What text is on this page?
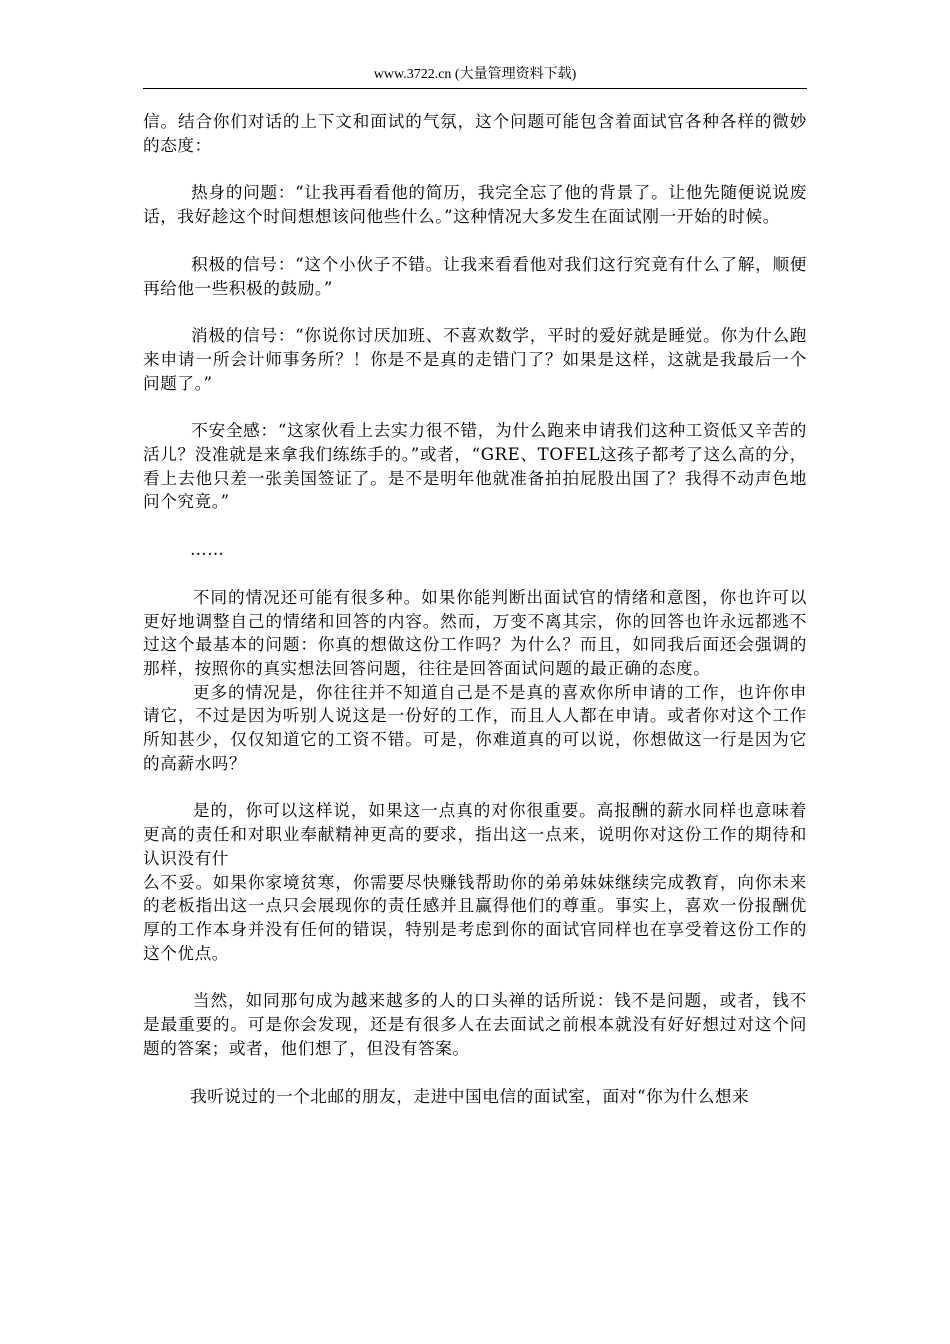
www.3722.cn (大量管理资料下载)

信。结合你们对话的上下文和面试的气氛，这个问题可能包含着面试官各种各样的微妙的态度：

热身的问题：“让我再看看他的简历，我完全忘了他的背景了。让他先随便说说废话，我好趁这个时间想想该问他些什么。”这种情况大多发生在面试刚一开始的时候。

积极的信号：“这个小伙子不错。让我来看看他对我们这行究竟有什么了解，顺便再给他一些积极的鼓励。”

消极的信号：“你说你讨厌加班、不喜欢数学，平时的爱好就是睡觉。你为什么跑来申请一所会计师事务所？！你是不是真的走错门了？如果是这样，这就是我最后一个问题了。”

不安全感：“这家伙看上去实力很不错，为什么跑来申请我们这种工资低又辛苦的活儿？没准就是来拿我们练练手的。”或者，“GRE、TOFEL这孩子都考了这么高的分，看上去他只差一张美国签证了。是不是明年他就准备拍拍屁股出国了？我得不动声色地问个究竟。”

……

不同的情况还可能有很多种。如果你能判断出面试官的情绪和意图，你也许可以更好地调整自己的情绪和回答的内容。然而，万变不离其宗，你的回答也许永远都逃不过这个最基本的问题：你真的想做这份工作吗？为什么？而且，如同我后面还会强调的那样，按照你的真实想法回答问题，往往是回答面试问题的最正确的态度。

更多的情况是，你往往并不知道自己是不是真的喜欢你所申请的工作，也许你申请它，不过是因为听别人说这是一份好的工作，而且人人都在申请。或者你对这个工作所知甚少，仅仅知道它的工资不错。可是，你难道真的可以说，你想做这一行是因为它的高薪水吗？

是的，你可以这样说，如果这一点真的对你很重要。高报酬的薪水同样也意味着更高的责任和对职业奉献精神更高的要求，指出这一点来，说明你对这份工作的期待和认识没有什

么不妥。如果你家境贫寒，你需要尽快赚钱帮助你的弟弟妹妹继续完成教育，向你未来的老板指出这一点只会展现你的责任感并且赢得他们的尊重。事实上，喜欢一份报酬优厚的工作本身并没有任何的错误，特别是考虑到你的面试官同样也在享受着这份工作的这个优点。

当然，如同那句成为越来越多的人的口头禅的话所说：钱不是问题，或者，钱不是最重要的。可是你会发现，还是有很多人在去面试之前根本就没有好好想过对这个问题的答案；或者，他们想了，但没有答案。

我听说过的一个北邮的朋友，走进中国电信的面试室，面对“你为什么想来
